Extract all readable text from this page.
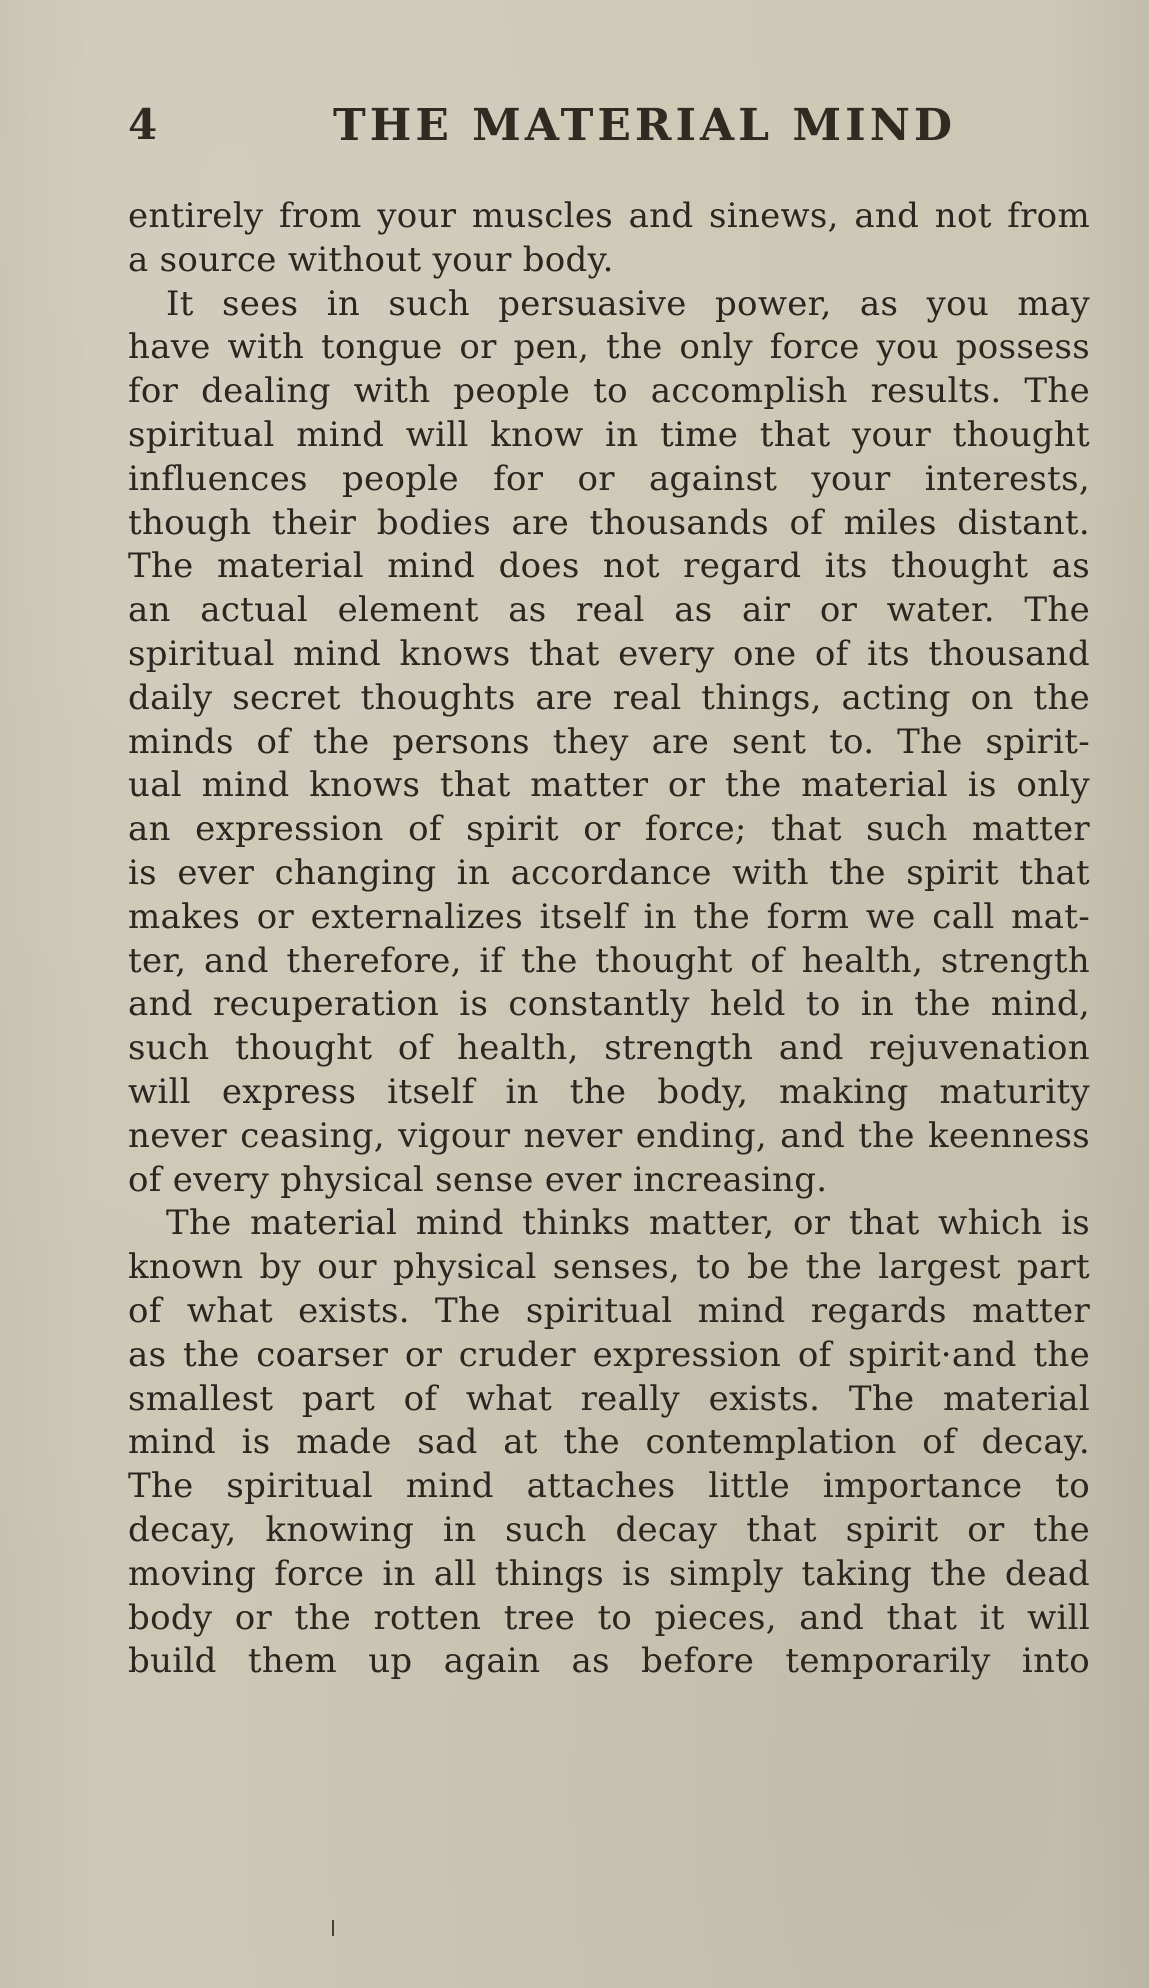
4	THE MATERIAL MIND
entirely from your muscles and sinews, and not from
a source without your body.
It sees in such persuasive power, as you may
have with tongue or pen, the only force you possess
for dealing with people to accomplish results. The
spiritual mind will know in time that your thought
influences people for or against your interests,
though their bodies are thousands of miles distant.
The material mind does not regard its thought as
an actual element as real as air or water. The
spiritual mind knows that every one of its thousand
daily secret thoughts are real things, acting on the
minds of the persons they are sent to. The spirit-
ual mind knows that matter or the material is only
an expression of spirit or force; that such matter
is ever changing in accordance with the spirit that
makes or externalizes itself in the form we call mat-
ter, and therefore, if the thought of health, strength
and recuperation is constantly held to in the mind,
such thought of health, strength and rejuvenation
will express itself in the body, making maturity
never ceasing, vigour never ending, and the keenness
of every physical sense ever increasing.
The material mind thinks matter, or that which is
known by our physical senses, to be the largest part
of what exists. The spiritual mind regards matter
as the coarser or cruder expression of spirit·and the
smallest part of what really exists. The material
mind is made sad at the contemplation of decay.
The spiritual mind attaches little importance to
decay, knowing in such decay that spirit or the
moving force in all things is simply taking the dead
body or the rotten tree to pieces, and that it will
build them up again as before temporarily into
